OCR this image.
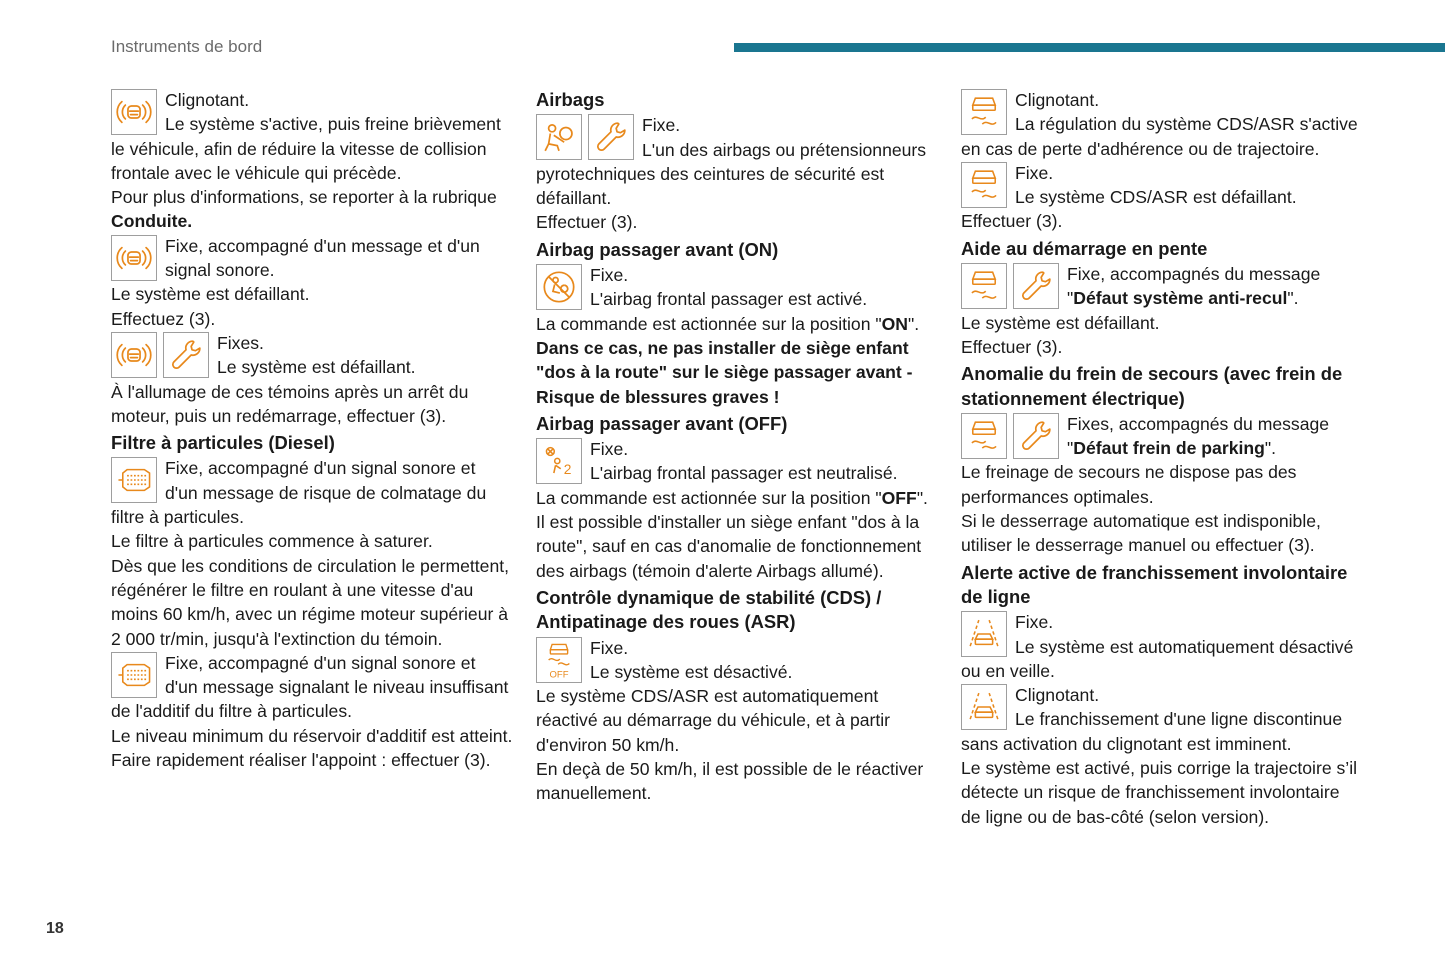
Instruments de bord
18

Clignotant.

Le système s'active, puis freine brièvement le véhicule, afin de réduire la vitesse de collision frontale avec le véhicule qui précède.

Pour plus d'informations, se reporter à la rubrique Conduite.

Fixe, accompagné d'un message et d'un signal sonore.

Le système est défaillant.

Effectuez (3).

Fixes.

Le système est défaillant.

À l'allumage de ces témoins après un arrêt du moteur, puis un redémarrage, effectuer (3).

Filtre à particules (Diesel)

Fixe, accompagné d'un signal sonore et d'un message de risque de colmatage du filtre à particules.

Le filtre à particules commence à saturer.

Dès que les conditions de circulation le permettent, régénérer le filtre en roulant à une vitesse d'au moins 60 km/h, avec un régime moteur supérieur à 2 000 tr/min, jusqu'à l'extinction du témoin.

Fixe, accompagné d'un signal sonore et d'un message signalant le niveau insuffisant de l'additif du filtre à particules.

Le niveau minimum du réservoir d'additif est atteint.

Faire rapidement réaliser l'appoint : effectuer (3).

Airbags

Fixe.

L'un des airbags ou prétensionneurs pyrotechniques des ceintures de sécurité est défaillant.

Effectuer (3).

Airbag passager avant (ON)

Fixe.

L'airbag frontal passager est activé.

La commande est actionnée sur la position "ON".

Dans ce cas, ne pas installer de siège enfant "dos à la route" sur le siège passager avant - Risque de blessures graves !

Airbag passager avant (OFF)
2

Fixe.

L'airbag frontal passager est neutralisé.

La commande est actionnée sur la position "OFF".

Il est possible d'installer un siège enfant "dos à la route", sauf en cas d'anomalie de fonctionnement des airbags (témoin d'alerte Airbags allumé).

Contrôle dynamique de stabilité (CDS) / Antipatinage des roues (ASR)
OFF

Fixe.

Le système est désactivé.

Le système CDS/ASR est automatiquement réactivé au démarrage du véhicule, et à partir d'environ 50 km/h.

En deçà de 50 km/h, il est possible de le réactiver manuellement.

Clignotant.

La régulation du système CDS/ASR s'active en cas de perte d'adhérence ou de trajectoire.

Fixe.

Le système CDS/ASR est défaillant.

Effectuer (3).

Aide au démarrage en pente

Fixe, accompagnés du message "Défaut système anti-recul".

Le système est défaillant.

Effectuer (3).

Anomalie du frein de secours (avec frein de stationnement électrique)

Fixes, accompagnés du message "Défaut frein de parking".

Le freinage de secours ne dispose pas des performances optimales.

Si le desserrage automatique est indisponible, utiliser le desserrage manuel ou effectuer (3).

Alerte active de franchissement involontaire de ligne

Fixe.

Le système est automatiquement désactivé ou en veille.

Clignotant.

Le franchissement d'une ligne discontinue sans activation du clignotant est imminent.

Le système est activé, puis corrige la trajectoire s’il détecte un risque de franchissement involontaire de ligne ou de bas-côté (selon version).
